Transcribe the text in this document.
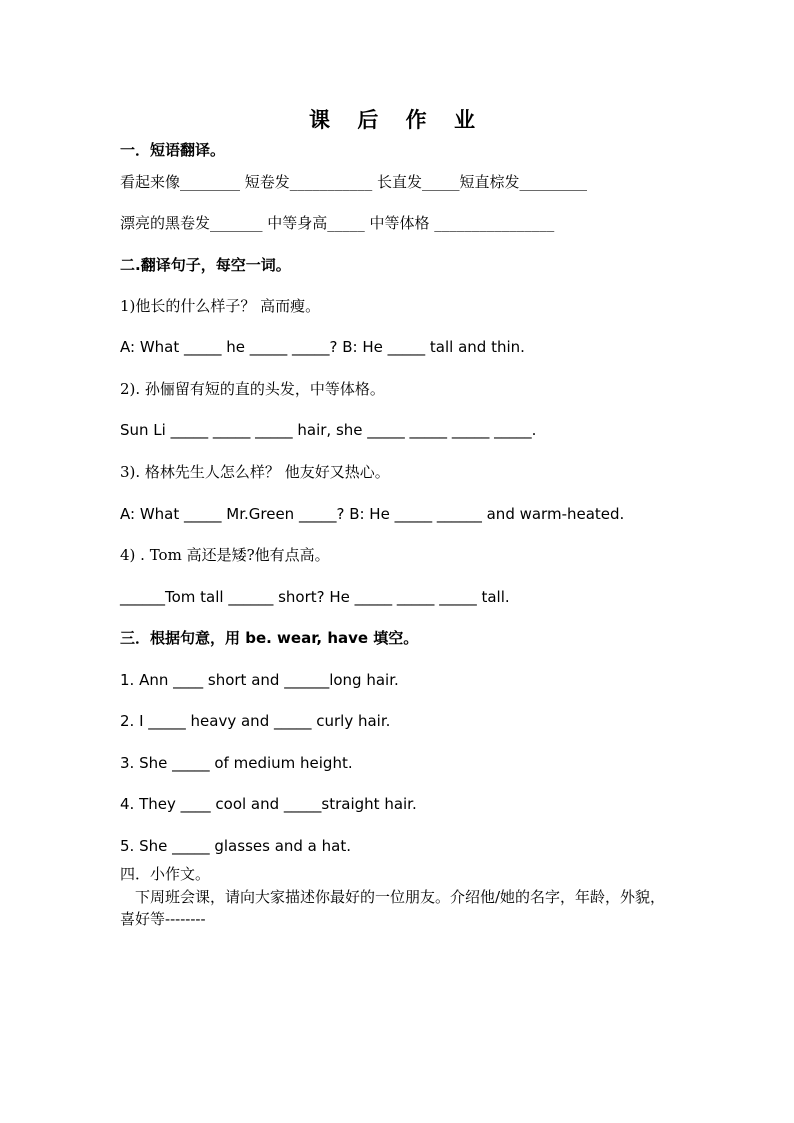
课 后 作 业
一．短语翻译。
看起来像________ 短卷发___________ 长直发_____短直棕发_________
漂亮的黑卷发_______ 中等身高_____ 中等体格 ________________
二.翻译句子，每空一词。
1)他长的什么样子？ 高而瘦。
A: What _____ he _____ _____? B: He _____ tall and thin.
2). 孙俪留有短的直的头发，中等体格。
Sun Li _____ _____ _____ hair, she _____ _____ _____ _____.
3). 格林先生人怎么样？ 他友好又热心。
A: What _____ Mr.Green _____? B: He _____ ______ and warm-heated.
4) . Tom 高还是矮?他有点高。
______Tom tall ______ short? He _____ _____ _____ tall.
三．根据句意，用 be. wear, have 填空。
1. Ann ____ short and ______long hair.
2. I _____ heavy and _____ curly hair.
3. She _____ of medium height.
4. They ____ cool and _____straight hair.
5. She _____ glasses and a hat.
四．小作文。
下周班会课，请向大家描述你最好的一位朋友。介绍他/她的名字，年龄，外貌，喜好等--------
